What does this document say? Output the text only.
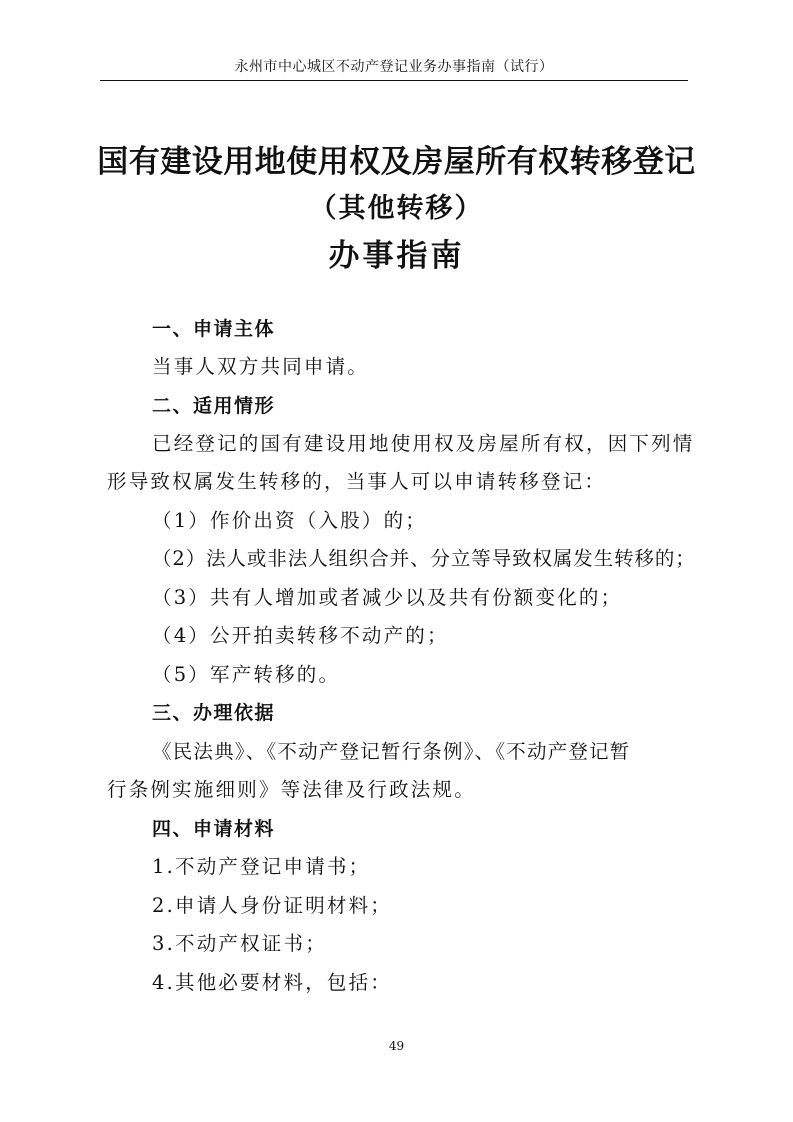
永州市中心城区不动产登记业务办事指南（试行）
国有建设用地使用权及房屋所有权转移登记
（其他转移）
办事指南
一、申请主体
当事人双方共同申请。
二、适用情形
已经登记的国有建设用地使用权及房屋所有权，因下列情
形导致权属发生转移的，当事人可以申请转移登记：
（1）作价出资（入股）的；
（2）法人或非法人组织合并、分立等导致权属发生转移的；
（3）共有人增加或者减少以及共有份额变化的；
（4）公开拍卖转移不动产的；
（5）军产转移的。
三、办理依据
《民法典》、《不动产登记暂行条例》、《不动产登记暂
行条例实施细则》等法律及行政法规。
四、申请材料
1.不动产登记申请书；
2.申请人身份证明材料；
3.不动产权证书；
4.其他必要材料，包括：
49
